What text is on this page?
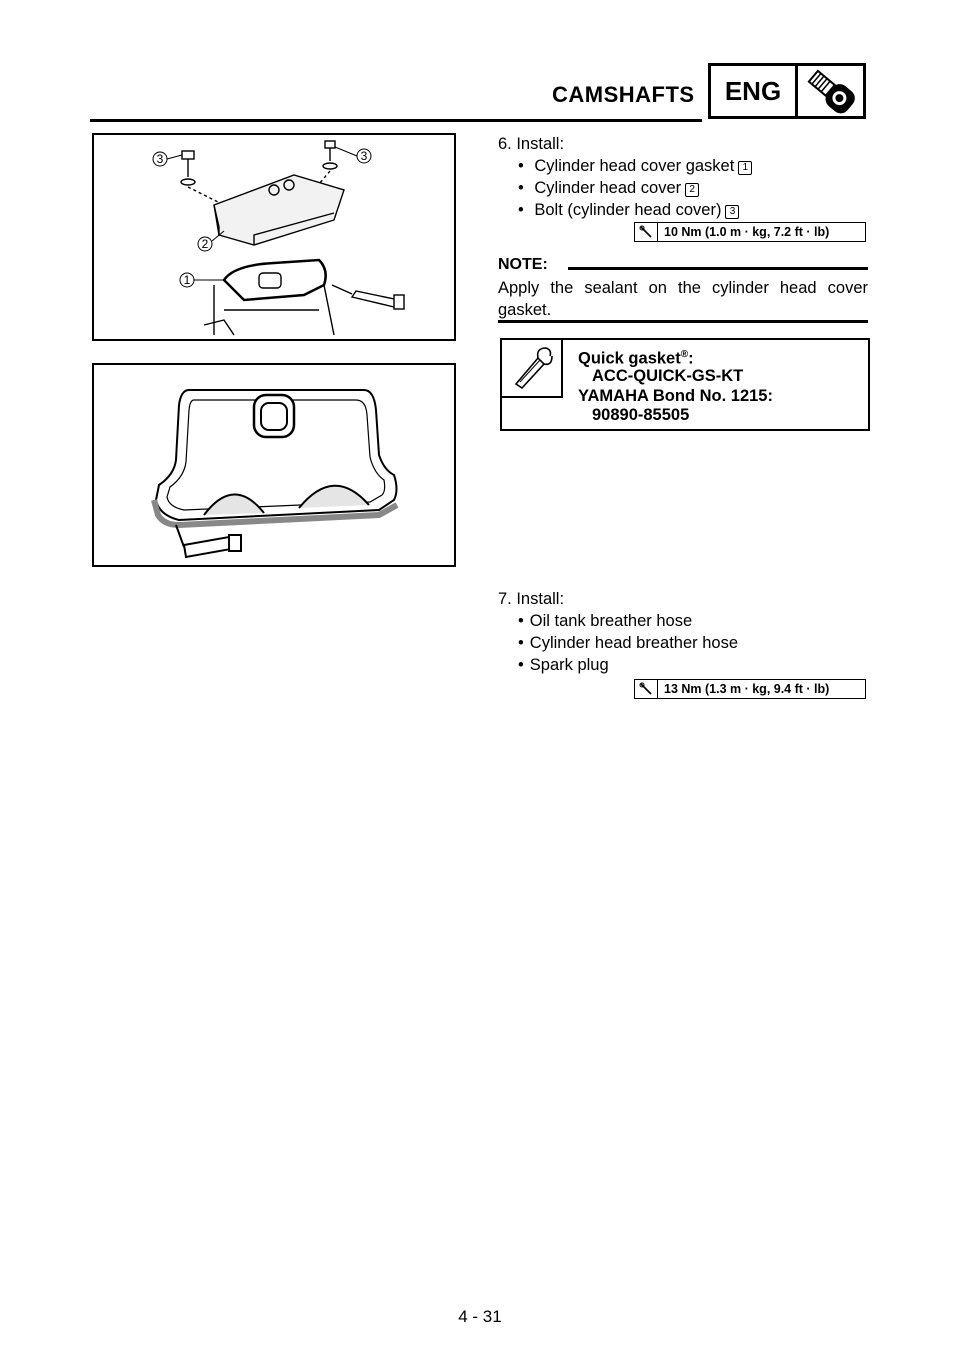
CAMSHAFTS	ENG
3	3
2
1
6. Install:
• Cylinder head cover gasket 1
• Cylinder head cover 2
• Bolt (cylinder head cover) 3
10 Nm (1.0 m · kg, 7.2 ft · lb)
NOTE:
Apply the sealant on the cylinder head cover gasket.
Quick gasket®:
ACC-QUICK-GS-KT
YAMAHA Bond No. 1215:
90890-85505
7. Install:
• Oil tank breather hose
• Cylinder head breather hose
• Spark plug
13 Nm (1.3 m · kg, 9.4 ft · lb)
4 - 31
